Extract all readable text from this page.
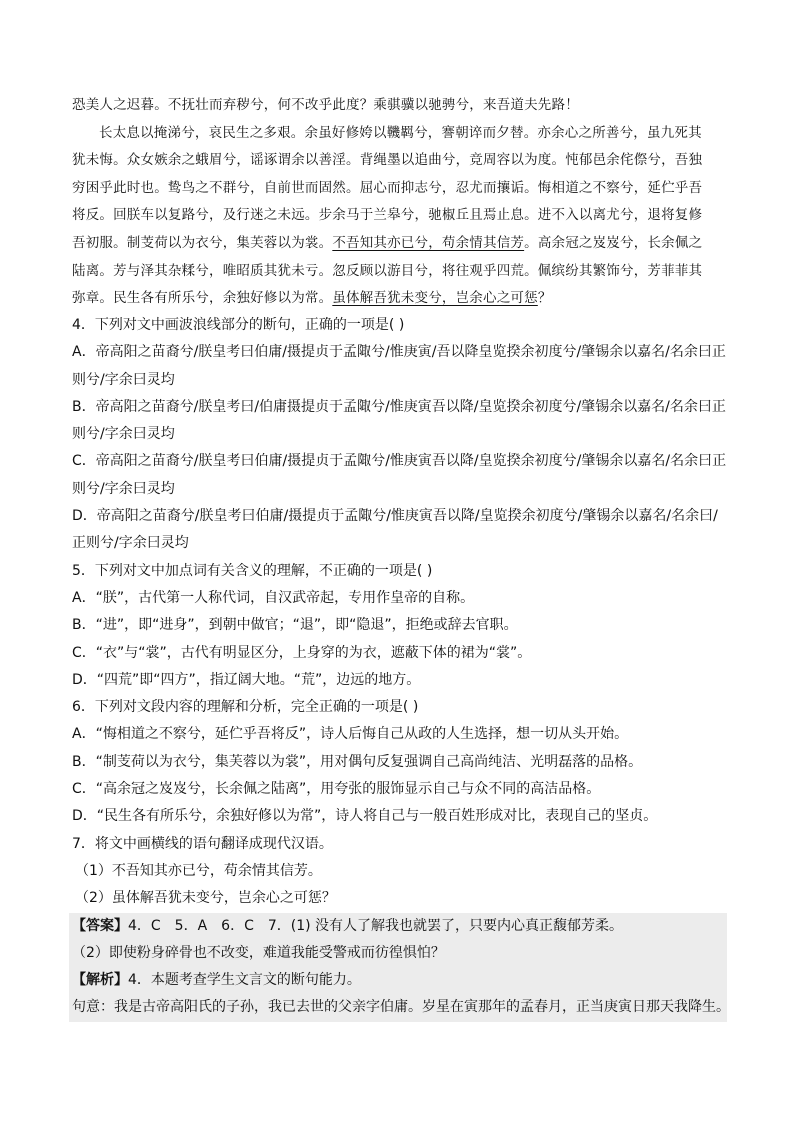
恐美人之迟暮。不抚壮而弃秽兮，何不改乎此度？乘骐骥以驰骋兮，来吾道夫先路！

长太息以掩涕兮，哀民生之多艰。余虽好修姱以鞿羁兮，謇朝谇而夕替。亦余心之所善兮，虽九死其

犹未悔。众女嫉余之蛾眉兮，谣诼谓余以善淫。背绳墨以追曲兮，竞周容以为度。忳郁邑余侘傺兮，吾独

穷困乎此时也。鸷鸟之不群兮，自前世而固然。屈心而抑志兮，忍尤而攘诟。悔相道之不察兮，延伫乎吾

将反。回朕车以复路兮，及行迷之未远。步余马于兰皋兮，驰椒丘且焉止息。进不入以离尤兮，退将复修

吾初服。制芰荷以为衣兮，集芙蓉以为裳。不吾知其亦已兮，苟余情其信芳。高余冠之岌岌兮，长余佩之

陆离。芳与泽其杂糅兮，唯昭质其犹未亏。忽反顾以游目兮，将往观乎四荒。佩缤纷其繁饰兮，芳菲菲其

弥章。民生各有所乐兮，余独好修以为常。虽体解吾犹未变兮，岂余心之可惩？

4．下列对文中画波浪线部分的断句，正确的一项是( )

A．帝高阳之苗裔兮/朕皇考曰伯庸/摄提贞于孟陬兮/惟庚寅/吾以降皇览揆余初度兮/肇锡余以嘉名/名余曰正

则兮/字余曰灵均

B．帝高阳之苗裔兮/朕皇考曰/伯庸摄提贞于孟陬兮/惟庚寅吾以降/皇览揆余初度兮/肇锡余以嘉名/名余曰正

则兮/字余曰灵均

C．帝高阳之苗裔兮/朕皇考曰伯庸/摄提贞于孟陬兮/惟庚寅吾以降/皇览揆余初度兮/肇锡余以嘉名/名余曰正

则兮/字余曰灵均

D．帝高阳之苗裔兮/朕皇考曰伯庸/摄提贞于孟陬兮/惟庚寅吾以降/皇览揆余初度兮/肇锡余以嘉名/名余曰/

正则兮/字余曰灵均

5．下列对文中加点词有关含义的理解，不正确的一项是( )

A．“朕”，古代第一人称代词，自汉武帝起，专用作皇帝的自称。

B．“进”，即“进身”，到朝中做官；“退”，即“隐退”，拒绝或辞去官职。

C．“衣”与“裳”，古代有明显区分，上身穿的为衣，遮蔽下体的裙为“裳”。

D．“四荒”即“四方”，指辽阔大地。“荒”，边远的地方。

6．下列对文段内容的理解和分析，完全正确的一项是( )

A．“悔相道之不察兮，延伫乎吾将反”，诗人后悔自己从政的人生选择，想一切从头开始。

B．“制芰荷以为衣兮，集芙蓉以为裳”，用对偶句反复强调自己高尚纯洁、光明磊落的品格。

C．“高余冠之岌岌兮，长余佩之陆离”，用夸张的服饰显示自己与众不同的高洁品格。

D．“民生各有所乐兮，余独好修以为常”，诗人将自己与一般百姓形成对比，表现自己的坚贞。

7．将文中画横线的语句翻译成现代汉语。

（1）不吾知其亦已兮，苟余情其信芳。

（2）虽体解吾犹未变兮，岂余心之可惩？

【答案】4．C　5．A　6．C　7．(1) 没有人了解我也就罢了，只要内心真正馥郁芳柔。

（2）即使粉身碎骨也不改变，难道我能受警戒而彷徨惧怕？

【解析】4．本题考查学生文言文的断句能力。

句意：我是古帝高阳氏的子孙，我已去世的父亲字伯庸。岁星在寅那年的孟春月，正当庚寅日那天我降生。
